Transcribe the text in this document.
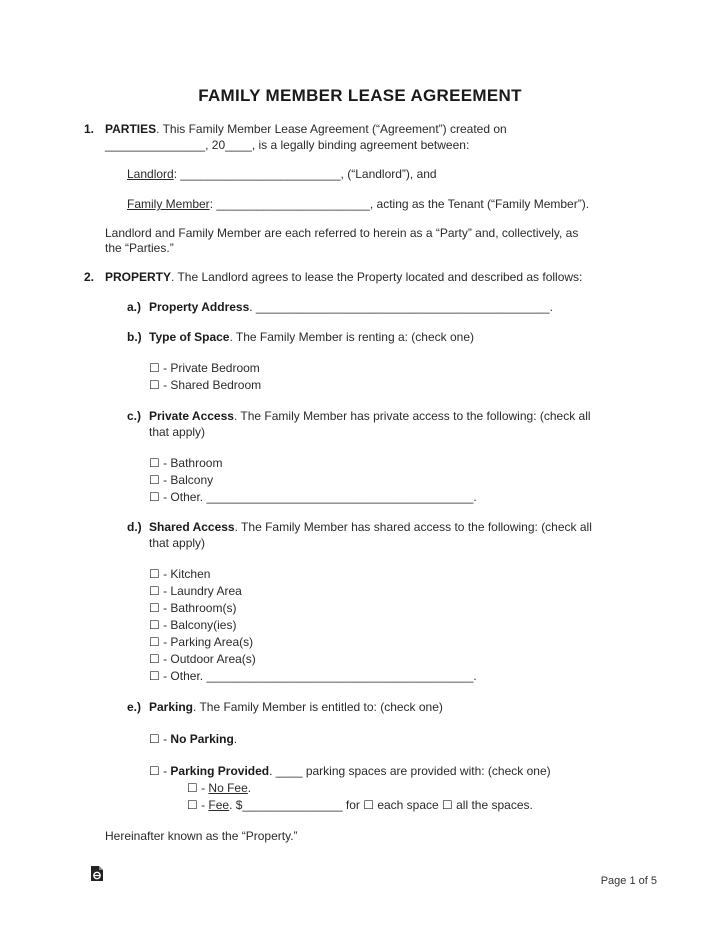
FAMILY MEMBER LEASE AGREEMENT
1. PARTIES. This Family Member Lease Agreement (“Agreement”) created on
_______________, 20____, is a legally binding agreement between:
Landlord: ________________________, (“Landlord”), and
Family Member: _______________________, acting as the Tenant (“Family Member”).
Landlord and Family Member are each referred to herein as a “Party” and, collectively, as
the “Parties.”
2. PROPERTY. The Landlord agrees to lease the Property located and described as follows:
a.) Property Address. ____________________________________________.
b.) Type of Space. The Family Member is renting a: (check one)
☐ - Private Bedroom
☐ - Shared Bedroom
c.) Private Access. The Family Member has private access to the following: (check all
that apply)
☐ - Bathroom
☐ - Balcony
☐ - Other. ________________________________________.
d.) Shared Access. The Family Member has shared access to the following: (check all
that apply)
☐ - Kitchen
☐ - Laundry Area
☐ - Bathroom(s)
☐ - Balcony(ies)
☐ - Parking Area(s)
☐ - Outdoor Area(s)
☐ - Other. ________________________________________.
e.) Parking. The Family Member is entitled to: (check one)
☐ - No Parking.
☐ - Parking Provided. ____ parking spaces are provided with: (check one)
☐ - No Fee.
☐ - Fee. $_______________ for ☐ each space ☐ all the spaces.
Hereinafter known as the “Property.”
Page 1 of 5
